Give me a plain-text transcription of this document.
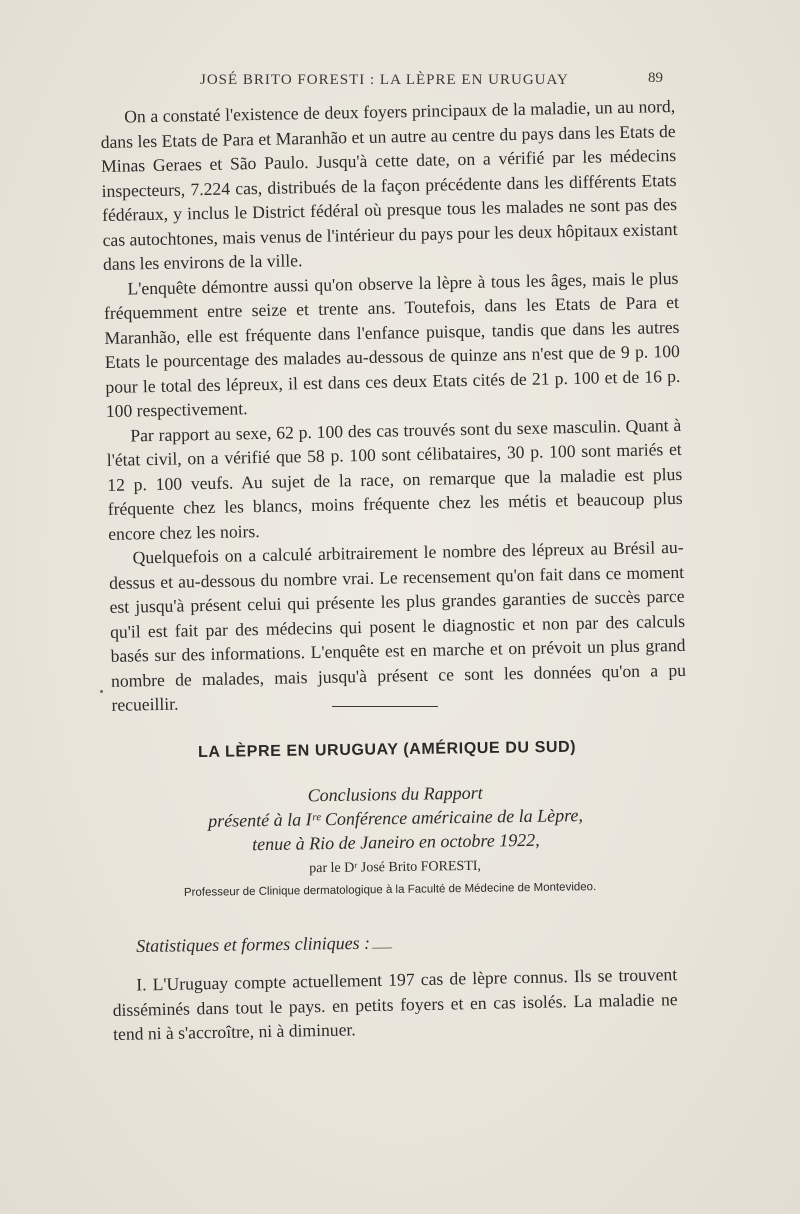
JOSÉ BRITO FORESTI : LA LÈPRE EN URUGUAY	89

On a constaté l'existence de deux foyers principaux de la maladie, un au nord, dans les Etats de Para et Maranhão et un autre au centre du pays dans les Etats de Minas Geraes et São Paulo. Jusqu'à cette date, on a vérifié par les médecins inspecteurs, 7.224 cas, distribués de la façon précédente dans les différents Etats fédéraux, y inclus le District fédéral où presque tous les malades ne sont pas des cas autochtones, mais venus de l'intérieur du pays pour les deux hôpitaux existant dans les environs de la ville.

L'enquête démontre aussi qu'on observe la lèpre à tous les âges, mais le plus fréquemment entre seize et trente ans. Toutefois, dans les Etats de Para et Maranhão, elle est fréquente dans l'enfance puisque, tandis que dans les autres Etats le pourcentage des malades au-dessous de quinze ans n'est que de 9 p. 100 pour le total des lépreux, il est dans ces deux Etats cités de 21 p. 100 et de 16 p. 100 respectivement.

Par rapport au sexe, 62 p. 100 des cas trouvés sont du sexe masculin. Quant à l'état civil, on a vérifié que 58 p. 100 sont célibataires, 30 p. 100 sont mariés et 12 p. 100 veufs. Au sujet de la race, on remarque que la maladie est plus fréquente chez les blancs, moins fréquente chez les métis et beaucoup plus encore chez les noirs.

Quelquefois on a calculé arbitrairement le nombre des lépreux au Brésil au-dessus et au-dessous du nombre vrai. Le recensement qu'on fait dans ce moment est jusqu'à présent celui qui présente les plus grandes garanties de succès parce qu'il est fait par des médecins qui posent le diagnostic et non par des calculs basés sur des informations. L'enquête est en marche et on prévoit un plus grand nombre de malades, mais jusqu'à présent ce sont les données qu'on a pu recueillir.

LA LÈPRE EN URUGUAY (AMÉRIQUE DU SUD)
Conclusions du Rapport
présenté à la Iʳᵉ Conférence américaine de la Lèpre,
tenue à Rio de Janeiro en octobre 1922,
par le Dʳ José Brito FORESTI,
Professeur de Clinique dermatologique à la Faculté de Médecine de Montevideo.
Statistiques et formes cliniques :

I. L'Uruguay compte actuellement 197 cas de lèpre connus. Ils se trouvent disséminés dans tout le pays. en petits foyers et en cas isolés. La maladie ne tend ni à s'accroître, ni à diminuer.
